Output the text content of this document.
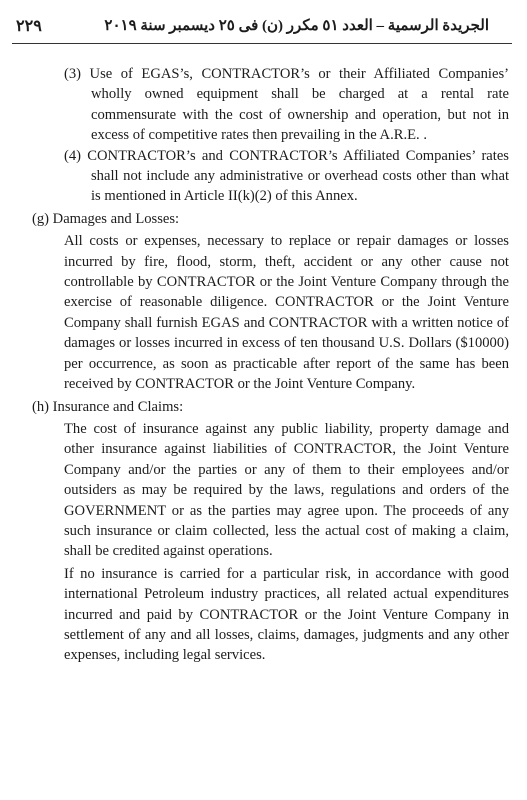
٢٢٩	الجريدة الرسمية – العدد ٥١ مكرر (ن) فى ٢٥ ديسمبر سنة ٢٠١٩

(3) Use of EGAS’s, CONTRACTOR’s or their Affiliated Companies’ wholly owned equipment shall be charged at a rental rate commensurate with the cost of ownership and operation, but not in excess of competitive rates then prevailing in the A.R.E. .

(4) CONTRACTOR’s and CONTRACTOR’s Affiliated Companies’ rates shall not include any administrative or overhead costs other than what is mentioned in Article II(k)(2) of this Annex.

(g) Damages and Losses:

All costs or expenses, necessary to replace or repair damages or losses incurred by fire, flood, storm, theft, accident or any other cause not controllable by CONTRACTOR or the Joint Venture Company through the exercise of reasonable diligence. CONTRACTOR or the Joint Venture Company shall furnish EGAS and CONTRACTOR with a written notice of damages or losses incurred in excess of ten thousand U.S. Dollars ($10000) per occurrence, as soon as practicable after report of the same has been received by CONTRACTOR or the Joint Venture Company.

(h) Insurance and Claims:

The cost of insurance against any public liability, property damage and other insurance against liabilities of CONTRACTOR, the Joint Venture Company and/or the parties or any of them to their employees and/or outsiders as may be required by the laws, regulations and orders of the GOVERNMENT or as the parties may agree upon. The proceeds of any such insurance or claim collected, less the actual cost of making a claim, shall be credited against operations.

If no insurance is carried for a particular risk, in accordance with good international Petroleum industry practices, all related actual expenditures incurred and paid by CONTRACTOR or the Joint Venture Company in settlement of any and all losses, claims, damages, judgments and any other expenses, including legal services.
